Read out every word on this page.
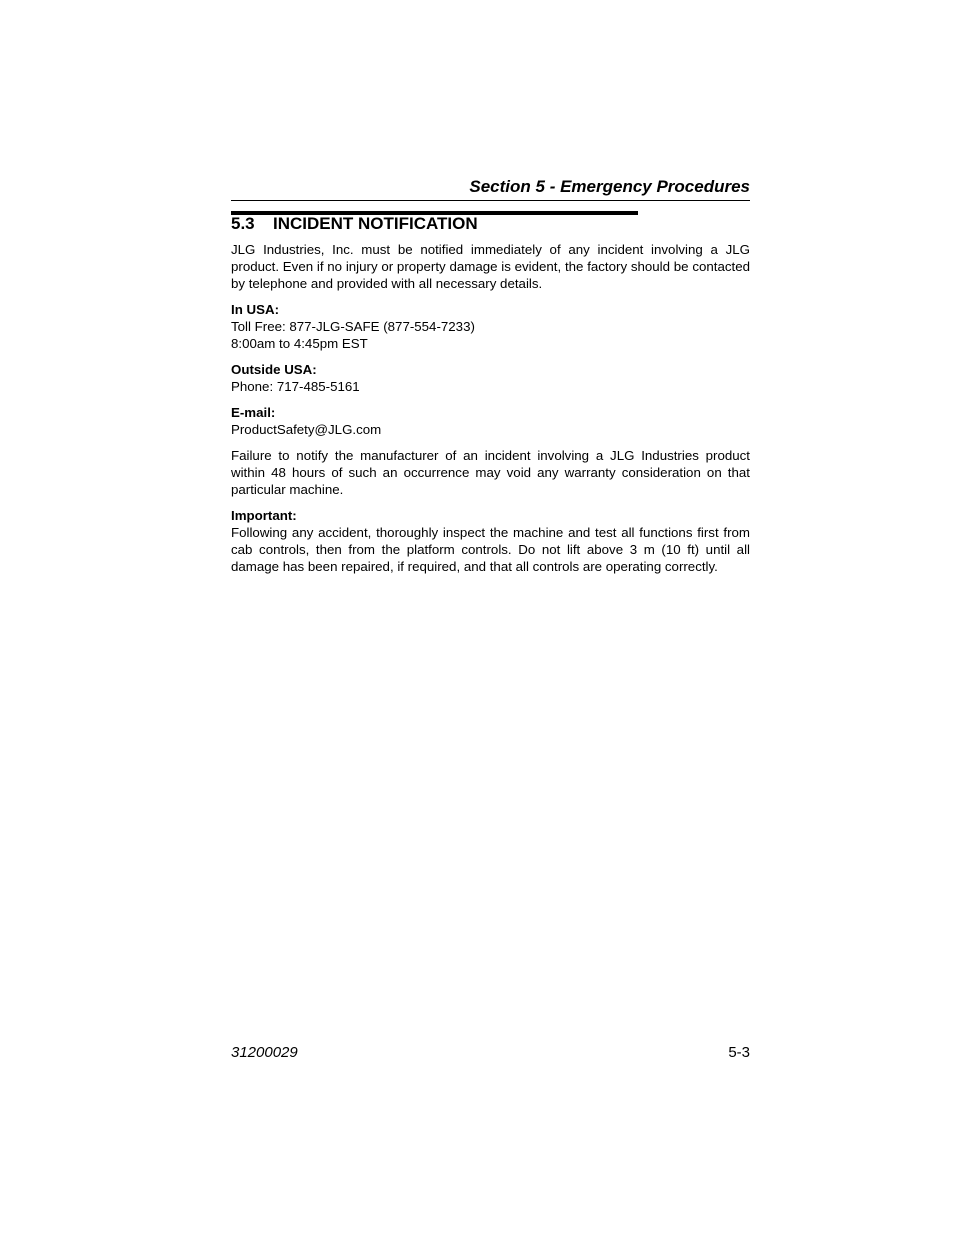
Section 5 - Emergency Procedures
5.3 INCIDENT NOTIFICATION

JLG Industries, Inc. must be notified immediately of any incident involving a JLG product. Even if no injury or property damage is evident, the factory should be contacted by telephone and provided with all necessary details.

In USA:
Toll Free: 877-JLG-SAFE (877-554-7233)
8:00am to 4:45pm EST
Outside USA:
Phone: 717-485-5161
E-mail:
ProductSafety@JLG.com

Failure to notify the manufacturer of an incident involving a JLG Industries product within 48 hours of such an occurrence may void any warranty consideration on that particular machine.

Important:

Following any accident, thoroughly inspect the machine and test all functions first from cab controls, then from the platform controls. Do not lift above 3 m (10 ft) until all damage has been repaired, if required, and that all controls are operating correctly.

31200029	5-3
